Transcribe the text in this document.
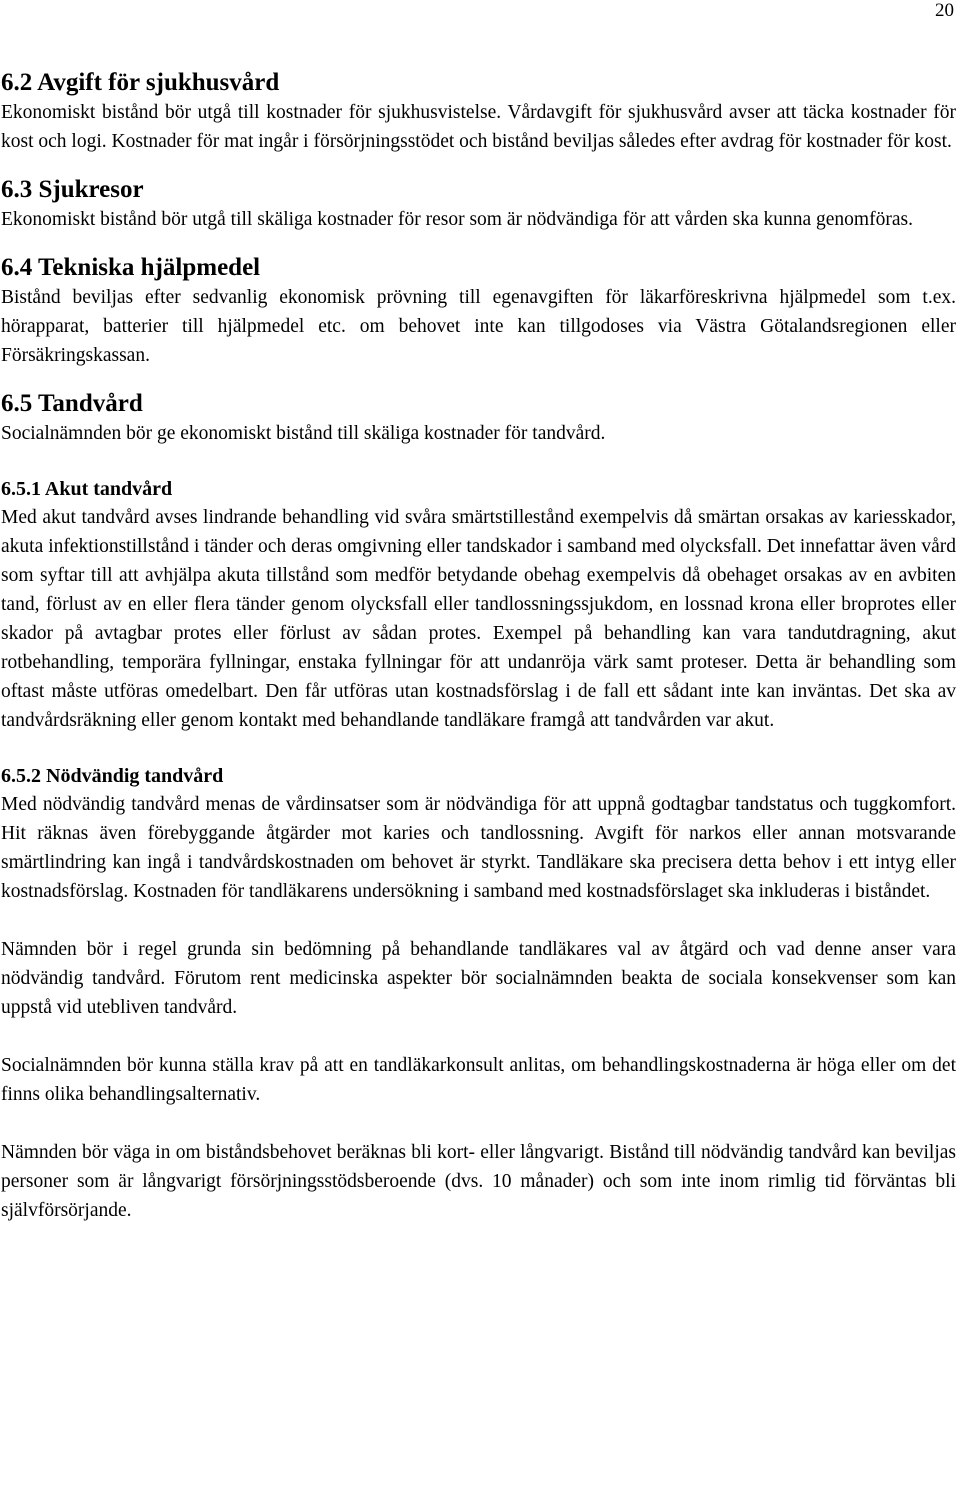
20
6.2 Avgift för sjukhusvård

Ekonomiskt bistånd bör utgå till kostnader för sjukhusvistelse. Vårdavgift för sjukhusvård avser att täcka kostnader för kost och logi. Kostnader för mat ingår i försörjningsstödet och bistånd beviljas således efter avdrag för kostnader för kost.

6.3 Sjukresor

Ekonomiskt bistånd bör utgå till skäliga kostnader för resor som är nödvändiga för att vården ska kunna genomföras.

6.4 Tekniska hjälpmedel

Bistånd beviljas efter sedvanlig ekonomisk prövning till egenavgiften för läkarföreskrivna hjälpmedel som t.ex. hörapparat, batterier till hjälpmedel etc. om behovet inte kan tillgodoses via Västra Götalandsregionen eller Försäkringskassan.

6.5 Tandvård

Socialnämnden bör ge ekonomiskt bistånd till skäliga kostnader för tandvård.

6.5.1 Akut tandvård

Med akut tandvård avses lindrande behandling vid svåra smärtstillestånd exempelvis då smärtan orsakas av kariesskador, akuta infektionstillstånd i tänder och deras omgivning eller tandskador i samband med olycksfall. Det innefattar även vård som syftar till att avhjälpa akuta tillstånd som medför betydande obehag exempelvis då obehaget orsakas av en avbiten tand, förlust av en eller flera tänder genom olycksfall eller tandlossningssjukdom, en lossnad krona eller broprotes eller skador på avtagbar protes eller förlust av sådan protes. Exempel på behandling kan vara tandutdragning, akut rotbehandling, temporära fyllningar, enstaka fyllningar för att undanröja värk samt proteser. Detta är behandling som oftast måste utföras omedelbart. Den får utföras utan kostnadsförslag i de fall ett sådant inte kan inväntas. Det ska av tandvårdsräkning eller genom kontakt med behandlande tandläkare framgå att tandvården var akut.

6.5.2 Nödvändig tandvård

Med nödvändig tandvård menas de vårdinsatser som är nödvändiga för att uppnå godtagbar tandstatus och tuggkomfort. Hit räknas även förebyggande åtgärder mot karies och tandlossning. Avgift för narkos eller annan motsvarande smärtlindring kan ingå i tandvårdskostnaden om behovet är styrkt. Tandläkare ska precisera detta behov i ett intyg eller kostnadsförslag. Kostnaden för tandläkarens undersökning i samband med kostnadsförslaget ska inkluderas i biståndet.

Nämnden bör i regel grunda sin bedömning på behandlande tandläkares val av åtgärd och vad denne anser vara nödvändig tandvård. Förutom rent medicinska aspekter bör socialnämnden beakta de sociala konsekvenser som kan uppstå vid utebliven tandvård.

Socialnämnden bör kunna ställa krav på att en tandläkarkonsult anlitas, om behandlingskostnaderna är höga eller om det finns olika behandlingsalternativ.

Nämnden bör väga in om biståndsbehovet beräknas bli kort- eller långvarigt. Bistånd till nödvändig tandvård kan beviljas personer som är långvarigt försörjningsstödsberoende (dvs. 10 månader) och som inte inom rimlig tid förväntas bli självförsörjande.
